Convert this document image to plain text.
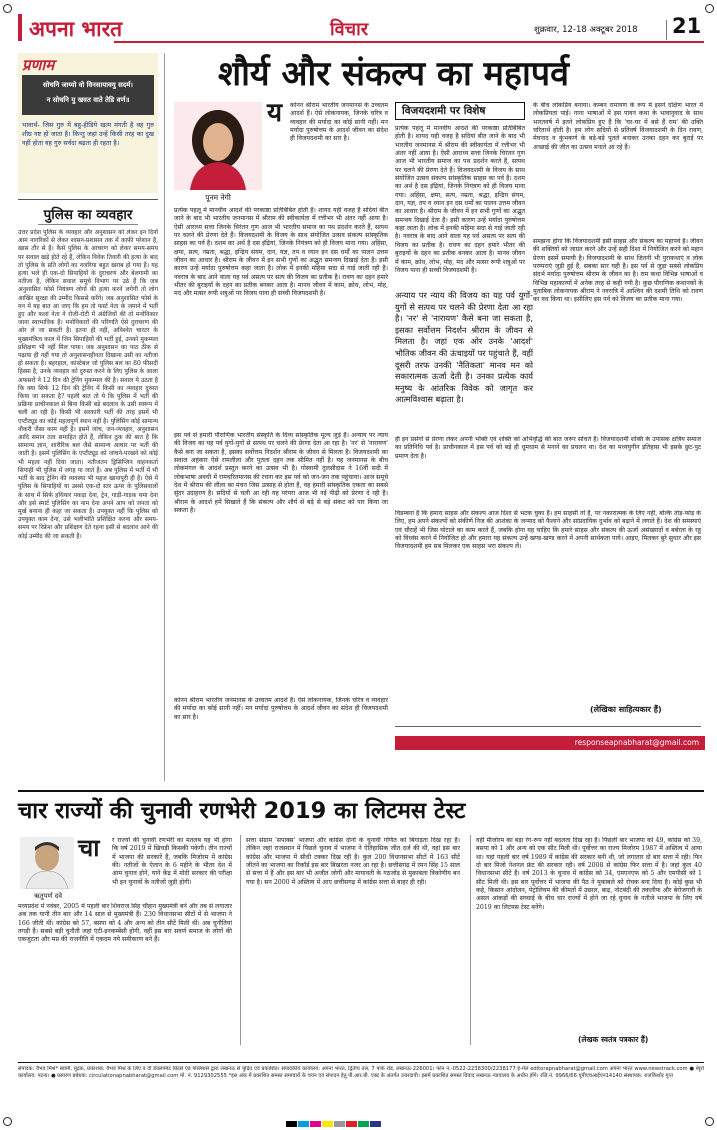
अपना भारत	विचार	शुक्रवार, 12-18 अक्टूबर 2018 21
प्रणाम
सोचनि जाय्यो वो विनसायावयु सदर्म।
न सोचनि यु खवत वाते तेडि वर्ण॥
भावार्थ- जिस गुरु में बहु-हीडिये खत्म मंगती है वह गुरु शीघ्र नष्ट हो जाता है। किन्तु जहां उन्हें किसी तरह का दुख नहीं होता वह गुरु सर्वदा बढ़ता ही रहता है।
पुलिस का व्यवहार
उत्तर प्रदेश पुलिस के व्यवहार और अनुशासन को लेकर इन दिनों आम नागरिकों से लेकर शासन-प्रशासन तक में काफी परेशान है, खास तौर से है। कैसे पुलिस के आचरण को लेकर समय-समय पर सवाल खड़े होते रहे हैं, लेकिन विवेक तिवारी की हत्या के बाद तो पुलिस के प्रति लोगों का नजरिया बहुत खराब हो गया है। यह हत्या भले ही एक-दो सिपाहियों के दुराचरण और बेलगामी का नतीजा है, लेकिन सवाल समूचे विभाग पर उठे हैं कि जब अनुशासित फोर्स नियंत्रण लोगों की हत्या करने लगेगी तो लोग आखिर सुरक्षा की उम्मीद किससे करेंगे। जब अनुशासित फोर्स के मन में यह बात आ जाए कि हम तो फर्स्ट नेता के जमाने में भर्ती हुए और फलां नेता ने रोजी-रोटी में अंग्रेजियों की तो मनोविकार जाना स्वाभाविक है। मनोविकारों की परिणति ऐसे दुराचरण की ओर ले जा सकती है। इतना ही नहीं, अविश्वेत चारटर के मुख्यमंत्रित्व काल में जिन सिपाहियों की भर्ती हुई, उनको मुकम्मल प्रशिक्षण भी नहीं मिल पाया। जब अनुशासन का पाठ ठीक से पढ़ाया ही नहीं गया तो अनुशासनहीनता दिखाना उसी का नतीजा हो सकता है। बहरहाल, कांस्टेबल जो पुलिस बल का 80 फीसदी हिस्सा है, उनके व्यवहार को दुरुस्त करने के लिए पुलिस के आला अफसरों ने 12 दिन की ट्रेनिंग मुकम्मल की है। सवाल ये उठता है कि क्या सिर्फ 12 दिन की ट्रेनिंग में किसी का व्यवहार दुरुस्त किया जा सकता है? पहली बात तो ये कि पुलिस में भर्ती की प्रक्रिया प्राचीनकाल से बिना किसी बड़े बदलाव के उसी स्वरूप में चली आ रही है। किसी भी सरकारी भर्ती की तरह इसमें भी एप्टीट्यूड का कोई महत्वपूर्ण स्थान नहीं है। पुलिसिंग कोई सामान्य नौकरी जैसा काम नहीं है। इसमें जांच, जन-व्यवहार, अनुशासन आदि समान तत्व समाहित होते हैं, लेकिन ठुक की बात है कि सामान्य ज्ञान, शारीरिक बल जैसे सामान्य आधार पर भर्ती की जाती है। इसमें पुलिसिंग के एप्टीट्यूड को जांचने-परखने को कोई भी महत्व नहीं दिया जाता। नतीजतन ड्रिसिप्लिन वाहनकर्ता सिपाही भी पुलिस में जगह पा जाते हैं। अब पुलिस में भर्ती में भी भर्ती के बाद ट्रेनिंग की व्यवस्था भी महज खानापूरी ही है। ऐसे में पुलिस के सिपाहियों या उससे एक-दो स्तर ऊपर के पुलिसवालों के साथ में सिर्फ हथियार पकड़ा देना, ट्रेन, गाड़ी-गाड़क थमा देना और इसे स्मार्ट पुलिसिंग का नाम देना अपने आप को जनता को मूर्ख बनाना ही कहा जा सकता है। उपयुक्त नहीं कि पुलिस को उपयुक्त काम देना, उसे भलीभांति प्रशिक्षित करना और समय-समय पर रिफ्रेश और प्रशिक्षण देते रहना इसी से बदलाव आने की कोई उम्मीद की जा सकती है।
शौर्य और संकल्प का महापर्व
पूनम नेगी
य कोनन श्रीराम भारतीय जनमानस के उच्चतम आदर्श हैं। ऐसे लोकनायक, जिनके चरित्र व व्यवहार की मर्यादा का कोई सानी नहीं। मन मर्यादा पुरुषोत्तम के आदर्श जीवन का संदेश ही विजयदशमी का सार है।
विजयदशमी पर विशेष
प्रत्येक पहलू में मानवीय आदर्श की परकाष्ठा प्रतिबिंबित होती है। शायद यही वजह है सदियां बीत जाने के बाद भी भारतीय जनमानस में श्रीराम की स्वीकार्यता में रत्तीभर भी अंतर नहीं आया है। ऐसी आराध्य सत्ता जिनके चिरंतन गुण आज भी भारतीय समाज का पथ प्रदर्शन करते हैं, सत्पथ पर चलने की प्रेरणा देते हैं। विजयदशमी के विजय के साथ संयोजित उत्सव संकल्प सांस्कृतिक साहस का पर्व है। दशम का अर्थ है दस इंद्रियां, जिनके नियंत्रण को ही विजय माना गया। अहिंसा, क्षमा, सत्य, नम्रता, श्रद्धा, इन्द्रिय संयम, दान, यज्ञ, तप व ध्यान इन दस धर्मों का पालन उत्तम जीवन का आधार है। श्रीराम के जीवन में इन सभी गुणों का अद्भुत समन्वय दिखाई देता है। इसी कारण उन्हें मर्यादा पुरुषोत्तम कहा जाता है। लोक में इनकी महिमा सदा से गाई जाती रही है। नवरात्र के बाद आने वाला यह पर्व असत्य पर सत्य की विजय का प्रतीक है। रावण का दहन हमारे भीतर की बुराइयों के दहन का प्रतीक बनकर आता है। मानव जीवन में काम, क्रोध, लोभ, मोह, मद और मत्सर रूपी शत्रुओं पर विजय पाना ही सच्ची विजयदशमी है।
प्रत्येक पहलू में मानवीय आदर्श की परकाष्ठा प्रतिबिंबित होती है। शायद यही वजह है सदियां बीत जाने के बाद भी भारतीय जनमानस में श्रीराम की स्वीकार्यता में रत्तीभर भी अंतर नहीं आया है। ऐसी आराध्य सत्ता जिनके चिरंतन गुण आज भी भारतीय समाज का पथ प्रदर्शन करते हैं, सत्पथ पर चलने की प्रेरणा देते हैं। विजयदशमी के विजय के साथ संयोजित उत्सव संकल्प सांस्कृतिक साहस का पर्व है। दशम का अर्थ है दस इंद्रियां, जिनके नियंत्रण को ही विजय माना गया। अहिंसा, क्षमा, सत्य, नम्रता, श्रद्धा, इन्द्रिय संयम, दान, यज्ञ, तप व ध्यान इन दस धर्मों का पालन उत्तम जीवन का आधार है। श्रीराम के जीवन में इन सभी गुणों का अद्भुत समन्वय दिखाई देता है। इसी कारण उन्हें मर्यादा पुरुषोत्तम कहा जाता है। लोक में इनकी महिमा सदा से गाई जाती रही है। नवरात्र के बाद आने वाला यह पर्व असत्य पर सत्य की विजय का प्रतीक है। रावण का दहन हमारे भीतर की बुराइयों के दहन का प्रतीक बनकर आता है। मानव जीवन में काम, क्रोध, लोभ, मोह, मद और मत्सर रूपी शत्रुओं पर विजय पाना ही सच्ची विजयदशमी है।
के बीच लोकप्रिय बनाया। कम्बन रामायण के रूप में इसने दक्षिण भारत में लोकप्रियता पाई। नाना भाषाओं में इस पावन कथा के भावानुवाद के साथ भारतवर्ष में इतने लोकप्रिय हुए हैं कि 'घर-घर में बसे हैं राम' की उक्ति चरितार्थ होती है। हम लोग सदियों से प्रतिवर्ष विजयादशमी के दिन रावण, मेघनाद व कुंभकर्ण के बड़े-बड़े पुतले बनाकर उनका दहन कर बुराई पर अच्छाई की जीत का उत्सव मनाते आ रहे हैं।
समझना होगा कि विजयादशमी इसी साहस और संकल्प का महापर्व है। जीवन की शक्तियों को जाग्रत करने और उन्हें सही दिशा में नियोजित करने को महान प्रेरणा इसमें समायी है। विजयादशमी के साथ जितनी भी पुराकथाएं व लोक परम्पराएं जुड़ी हुई हैं, सबका सार यही है। इस पर्व से जुड़ा सबसे लोकप्रिय संदर्भ मर्यादा पुरुषोत्तम श्रीराम के जीवन का है। राम कथा विभिन्न भाषाओं व विभिन्न महाकाव्यों में अनेक तरह से कही गयी है। कुछ पौराणिक कथानकों के मुताबिक लोकनायक श्रीराम ने नवरात्रि में आश्विन की दशमी तिथि को रावण का वध किया था। इसीलिए इस पर्व को विजय का प्रतीक माना गया।
अन्याय पर न्याय की विजय का यह पर्व युगों-युगों से सत्पथ पर चलने की प्रेरणा देता आ रहा है। 'नर' से 'नारायण' कैसे बना जा सकता है, इसका सर्वोत्तम निदर्शन श्रीराम के जीवन से मिलता है। जहां एक ओर उनके 'आदर्श' भौतिक जीवन की ऊंचाइयों पर पहुंचाते हैं, वहीं दूसरी तरफ उनकी 'नैतिकता' मानव मन को सकारात्मक ऊर्जा देती है। उनका प्रत्येक कार्य मनुष्य के आंतरिक विवेक को जागृत कर आत्मविश्वास बढ़ाता है।
इस पर्व से हमारी पौराणिक भारतीय संस्कृति के दिव्य सांस्कृतिक मूल्य जुड़े हैं। अन्याय पर न्याय की विजय का यह पर्व युगों-युगों से सत्पथ पर चलने की प्रेरणा देता आ रहा है। 'नर' से 'नारायण' कैसे बना जा सकता है, इसका सर्वोत्तम निदर्शन श्रीराम के जीवन से मिलता है। विजयदशमी का सवाल अहंकार ऐसे रामलीला और पुतला दहन तक सीमित नहीं है। यह जनमानस के बीच लोकमंगल के आदर्श प्रस्तुत करने का उत्सव भी है। गोस्वामी तुलसीदास ने 16वीं सदी में लोकभाषा अवधी में रामचरितमानस की रचना कर इस पर्व को जन-जन तक पहुंचाया। आज समूचे देश में श्रीराम की लीला का मंचन जिस उत्साह से होता है, वह हमारी सांस्कृतिक एकता का सबसे सुंदर उदाहरण है। सदियों से चली आ रही यह परंपरा आज भी नई पीढ़ी को प्रेरणा दे रही है। श्रीराम के आदर्श हमें सिखाते हैं कि संकल्प और शौर्य से बड़े से बड़े संकट को पार किया जा सकता है।
ही इन प्रसंगों से प्रेरणा लेकर अपनी भक्ति एवं शक्ति को अभिवृद्धि की बात जरूर सोचते हैं। विजयादशमी शक्ति के उपासक क्षत्रिय समाज का प्रतिनिधि पर्व है। प्राचीनकाल में इस पर्व को बड़े ही धूमधाम से मनाने का प्रचलन था। देश का मध्ययुगीन इतिहास भी इसके छुट-पुट प्रमाण देता है।
विडम्बना है कि हमारा साहस और संकल्प आज दिशा से भटक चुका है। हम साहसी तो हैं, पर नकारात्मक के लिए नहीं, बल्कि तोड़-फोड़ के लिए, हम अपने संकल्पों को संकीर्ण निज की आशंका के जन्माद को फैलाने और सांप्रदायिक दुर्भाव को बढ़ाने में लगाते हैं। देश की समस्याएं एवं चौराहें भी जिस घोटाले का काम करते हैं, जबकि होना यह चाहिए कि हमारे साहस और संकल्प की ऊर्जा असंख्यादों व बर्बरता के रहू को विध्वंस करने में नियोजित हो और हमारा यह संकल्प उन्हें खण्ड-खण्ड करने में अपनी सार्थकता पाये। आइए, मिलकर बुरे सुधार और इस विजयादशमी हम सब मिलकर एक साहस भरा संकल्प लें।
कोनन श्रीराम भारतीय जनमानस के उच्चतम आदर्श हैं। ऐसे लोकनायक, जिनके चरित्र व व्यवहार की मर्यादा का कोई सानी नहीं। मन मर्यादा पुरुषोत्तम के आदर्श जीवन का संदेश ही विजयदशमी का सार है।
(लेखिका साहित्यकार हैं)
responseapnabharat@gmail.com
चार राज्यों की चुनावी रणभेरी 2019 का लिटमस टेस्ट
ऋतुपर्ण दवे
चा र राज्यों की चुनावी रणभेरी का मतलब यह भी होगा कि वर्ष 2019 में खिचड़ी किसकी पकेगी। तीन राज्यों में भाजपा की सरकारें हैं, जबकि मिजोरम में कांग्रेस की। नतीजों के ऐलान के 6 महीने के भीतर देश में आम चुनाव होने, याने केंद्र में मोदी सरकार की परीक्षा भी इन चुनावों के नतीजों जुड़ी होगी।
मध्यप्रदेश में नवंबर, 2005 में पहली बार शिवराज सिंह चौहान मुख्यमंत्री बने और तब से लगातार अब तक यानी तीन बार और 14 साल से मुख्यमंत्री हैं। 230 विधानसभा सीटों में से भाजपा ने 166 जीती थीं। कांग्रेस को 57, बसपा को 4 और अन्य को तीन सीटें मिली थीं। अब चुनौतियां तगड़ी हैं। सबसे बड़ी चुनौती जहां एंटी-इनकम्बेंसी होगी, वहीं इस बार सवर्ण समाज के लोगों की एकजुटता और मप्र की राजनीति में एकदम नये समीकरण बने हैं।
सत्ता संग्राम 'सपाक्स' भाजपा और कांग्रेस दोनों के चुनावी गणित को बिगाड़ता दिख रहा है। लेकिन जहां राजस्थान में पिछले चुनाव में भाजपा ने ऐतिहासिक जीत दर्ज की थी, वहां इस बार कांग्रेस और भाजपा में सीधी टक्कर दिख रही है। कुल 200 विधानसभा सीटों में 163 सीटें जीतने का भाजपा का रिकॉर्ड इस बार बिखरता नजर आ रहा है। छत्तीसगढ़ में रमन सिंह 15 साल से सत्ता में हैं और इस बार भी अजीत जोगी और मायावती के गठजोड़ से मुकाबला त्रिकोणीय बन गया है। सन 2000 में अस्तित्व में आए छत्तीसगढ़ में कांग्रेस सत्ता से बाहर ही रही।
वहीं मीजोरम का बड़ा रंग-रूप नहीं बदलता दिख रहा है। पिछली बार भाजपा को 49, कांग्रेस को 39, बसपा को 1 और अन्य को एक सीट मिली थी। पूर्वोत्तर का राज्य मिजोरम 1987 में अस्तित्व में आया था। यहां पहली बार वर्ष 1989 में कांग्रेस की सरकार बनी थी, जो लगातार दो बार सत्ता में रही। फिर दो बार मिजो नेशनल फ्रंट की सरकार रही। वर्ष 2008 से कांग्रेस फिर सत्ता में है। जहां कुल 40 विधानसभा सीटें हैं। वर्ष 2013 के चुनाव में कांग्रेस को 34, एमएनएफ को 5 और एमपीसी को 1 सीट मिली थी। इस बार पूर्वोत्तर में भाजपा की पैठ ने मुकाबले को रोचक बना दिया है। कोई कुछ भी कहे, किसान आंदोलन, पेट्रोलियम की कीमतों में उछाल, बाढ़, नोटबंदी की तकलीफ और बेरोजगारी के असल आंकड़ों की सच्चाई के बीच चार राज्यों में होने जा रहे चुनाव के नतीजे भाजपा के लिए वर्ष 2019 का लिटमस टेस्ट बनेंगे।
(लेखक स्वतंत्र पत्रकार हैं)
संपादक: वैभव मिश्र* स्वामी, मुद्रक, प्रकाशक: वैभव मिश्र के लिए व दी डेवलपमेंट प्रिंटर्स एंड पब्लिशर्स द्वारा लखनऊ से मुद्रित एवं प्रकाशित। संपादकीय कार्यालय: अपना भारत, द्वितीय तल, 7 पार्क रोड, लखनऊ-226001। फोन नं.-0522-2238300/2238177 ई-मेल editorapnabharat@gmail.com अपना भारत www.newstrack.com ● ब्यूरो कार्यालय: पटना। ● प्रसारण प्रबंधक: circulationapnabharat@gmail.com मो. नं. 9129302555 *इस अंक में प्रकाशित समस्त समाचारों के चयन एवं संपादन हेतु पी.आर.बी. एक्ट के अंतर्गत उत्तरदायी। इसमें प्रकाशित समस्त विवाद लखनऊ न्यायालय के अधीन होंगे। रजि.नं. 9966/66 यूपीएचआईएन14140 संस्थापक: राजकिशोर गुप्त
